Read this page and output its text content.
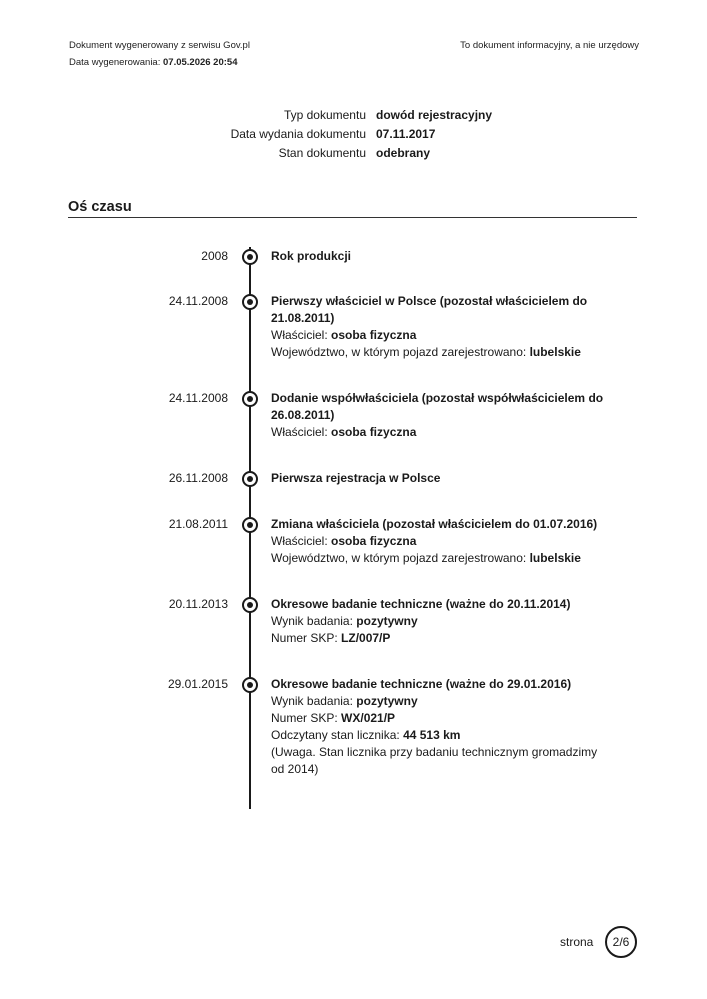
Dokument wygenerowany z serwisu Gov.pl
Data wygenerowania: 07.05.2026 20:54
To dokument informacyjny, a nie urzędowy
Typ dokumentu dowód rejestracyjny
Data wydania dokumentu 07.11.2017
Stan dokumentu odebrany
Oś czasu
2008	Rok produkcji
24.11.2008	Pierwszy właściciel w Polsce (pozostał właścicielem do 21.08.2011)
Właściciel: osoba fizyczna
Województwo, w którym pojazd zarejestrowano: lubelskie
24.11.2008	Dodanie współwłaściciela (pozostał współwłaścicielem do 26.08.2011)
Właściciel: osoba fizyczna
26.11.2008	Pierwsza rejestracja w Polsce
21.08.2011	Zmiana właściciela (pozostał właścicielem do 01.07.2016)
Właściciel: osoba fizyczna
Województwo, w którym pojazd zarejestrowano: lubelskie
20.11.2013	Okresowe badanie techniczne (ważne do 20.11.2014)
Wynik badania: pozytywny
Numer SKP: LZ/007/P
29.01.2015	Okresowe badanie techniczne (ważne do 29.01.2016)
Wynik badania: pozytywny
Numer SKP: WX/021/P
Odczytany stan licznika: 44 513 km
(Uwaga. Stan licznika przy badaniu technicznym gromadzimy od 2014)
strona	2/6
